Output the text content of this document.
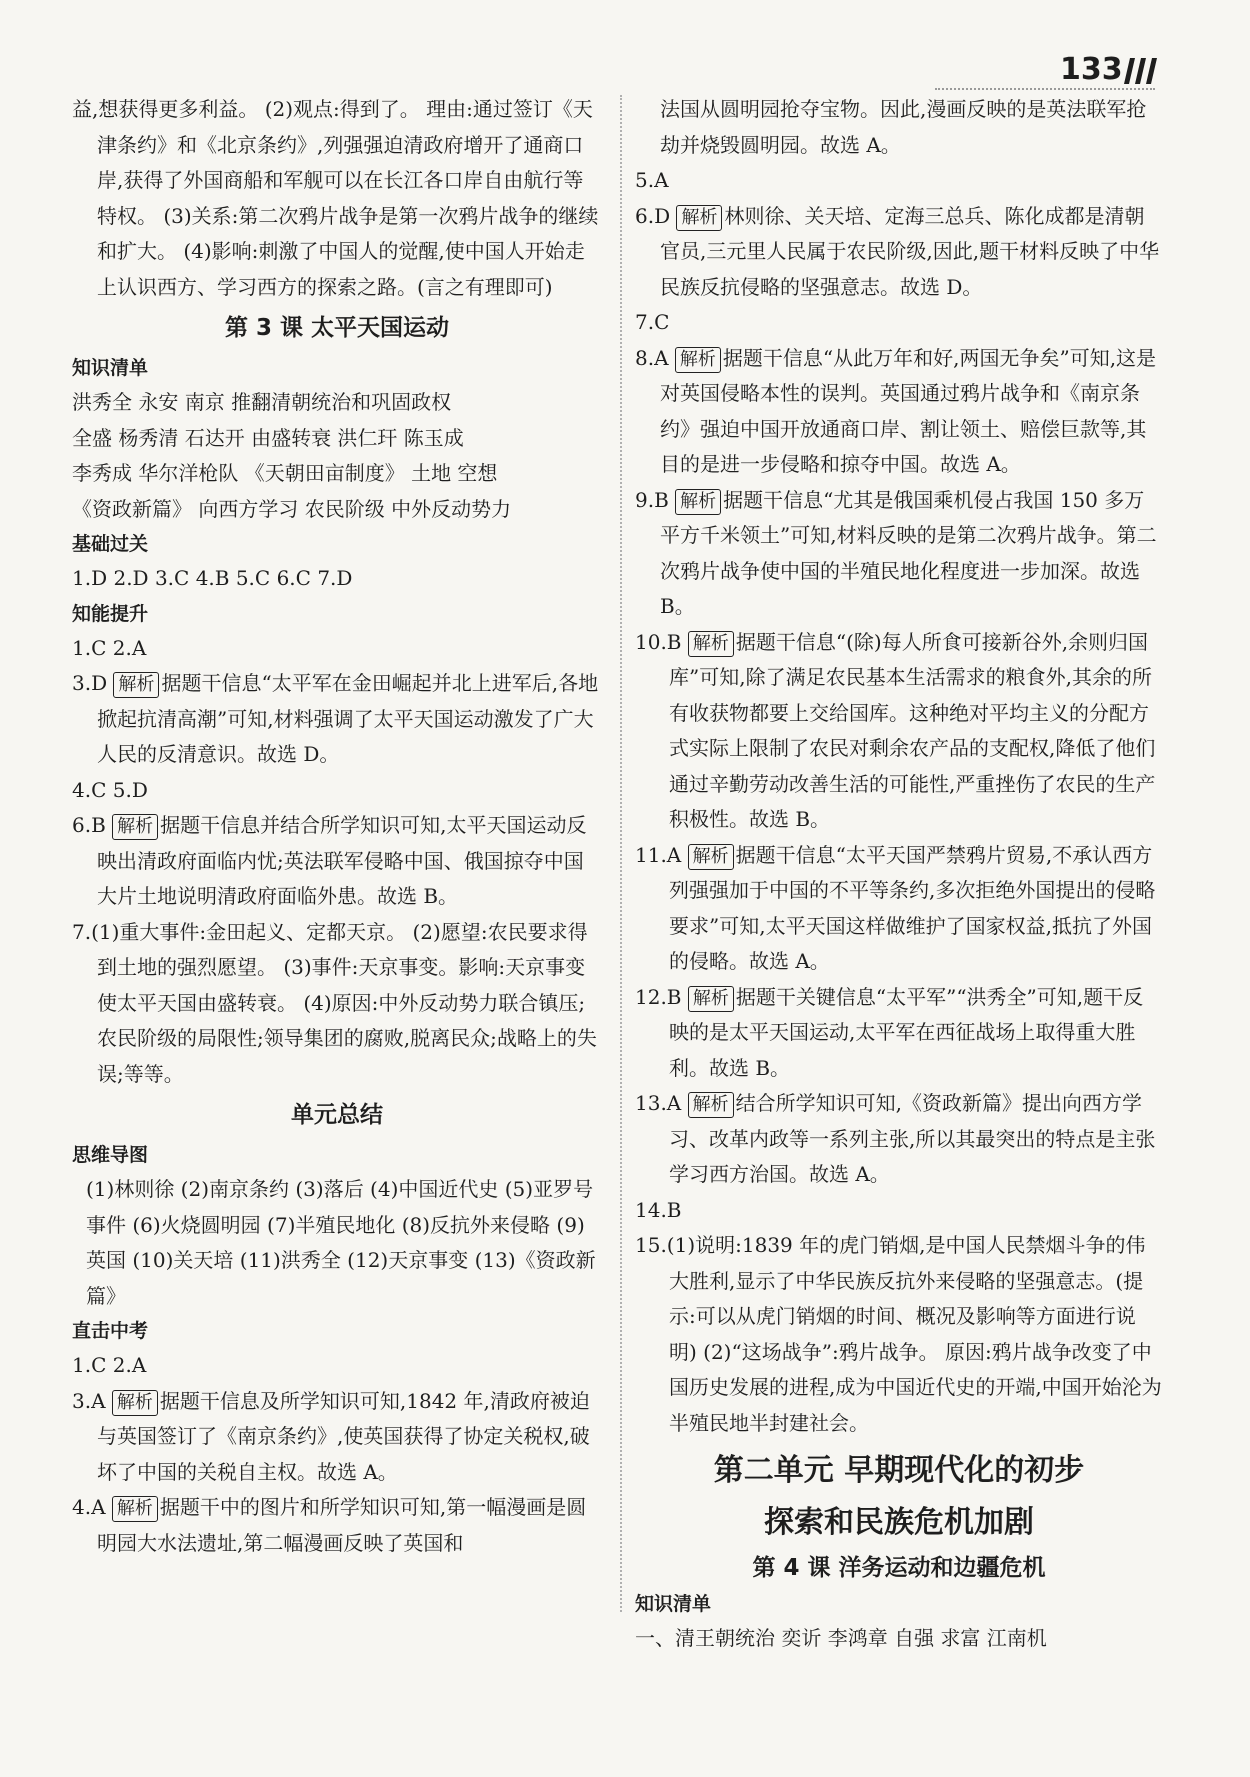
133

益,想获得更多利益。 (2)观点:得到了。 理由:通过签订《天津条约》和《北京条约》,列强强迫清政府增开了通商口岸,获得了外国商船和军舰可以在长江各口岸自由航行等特权。 (3)关系:第二次鸦片战争是第一次鸦片战争的继续和扩大。 (4)影响:刺激了中国人的觉醒,使中国人开始走上认识西方、学习西方的探索之路。(言之有理即可)

第 3 课 太平天国运动
知识清单

洪秀全 永安 南京 推翻清朝统治和巩固政权

全盛 杨秀清 石达开 由盛转衰 洪仁玕 陈玉成

李秀成 华尔洋枪队 《天朝田亩制度》 土地 空想

《资政新篇》 向西方学习 农民阶级 中外反动势力

基础过关

1.D 2.D 3.C 4.B 5.C 6.C 7.D

知能提升

1.C 2.A

3.D 解析 据题干信息“太平军在金田崛起并北上进军后,各地掀起抗清高潮”可知,材料强调了太平天国运动激发了广大人民的反清意识。故选 D。

4.C 5.D

6.B 解析 据题干信息并结合所学知识可知,太平天国运动反映出清政府面临内忧;英法联军侵略中国、俄国掠夺中国大片土地说明清政府面临外患。故选 B。

7.(1)重大事件:金田起义、定都天京。 (2)愿望:农民要求得到土地的强烈愿望。 (3)事件:天京事变。影响:天京事变使太平天国由盛转衰。 (4)原因:中外反动势力联合镇压;农民阶级的局限性;领导集团的腐败,脱离民众;战略上的失误;等等。

单元总结
思维导图

(1)林则徐 (2)南京条约 (3)落后 (4)中国近代史 (5)亚罗号事件 (6)火烧圆明园 (7)半殖民地化 (8)反抗外来侵略 (9)英国 (10)关天培 (11)洪秀全 (12)天京事变 (13)《资政新篇》

直击中考

1.C 2.A

3.A 解析 据题干信息及所学知识可知,1842 年,清政府被迫与英国签订了《南京条约》,使英国获得了协定关税权,破坏了中国的关税自主权。故选 A。

4.A 解析 据题干中的图片和所学知识可知,第一幅漫画是圆明园大水法遗址,第二幅漫画反映了英国和

法国从圆明园抢夺宝物。因此,漫画反映的是英法联军抢劫并烧毁圆明园。故选 A。

5.A

6.D 解析 林则徐、关天培、定海三总兵、陈化成都是清朝官员,三元里人民属于农民阶级,因此,题干材料反映了中华民族反抗侵略的坚强意志。故选 D。

7.C

8.A 解析 据题干信息“从此万年和好,两国无争矣”可知,这是对英国侵略本性的误判。英国通过鸦片战争和《南京条约》强迫中国开放通商口岸、割让领土、赔偿巨款等,其目的是进一步侵略和掠夺中国。故选 A。

9.B 解析 据题干信息“尤其是俄国乘机侵占我国 150 多万平方千米领土”可知,材料反映的是第二次鸦片战争。第二次鸦片战争使中国的半殖民地化程度进一步加深。故选 B。

10.B 解析 据题干信息“(除)每人所食可接新谷外,余则归国库”可知,除了满足农民基本生活需求的粮食外,其余的所有收获物都要上交给国库。这种绝对平均主义的分配方式实际上限制了农民对剩余农产品的支配权,降低了他们通过辛勤劳动改善生活的可能性,严重挫伤了农民的生产积极性。故选 B。

11.A 解析 据题干信息“太平天国严禁鸦片贸易,不承认西方列强强加于中国的不平等条约,多次拒绝外国提出的侵略要求”可知,太平天国这样做维护了国家权益,抵抗了外国的侵略。故选 A。

12.B 解析 据题干关键信息“太平军”“洪秀全”可知,题干反映的是太平天国运动,太平军在西征战场上取得重大胜利。故选 B。

13.A 解析 结合所学知识可知,《资政新篇》提出向西方学习、改革内政等一系列主张,所以其最突出的特点是主张学习西方治国。故选 A。

14.B

15.(1)说明:1839 年的虎门销烟,是中国人民禁烟斗争的伟大胜利,显示了中华民族反抗外来侵略的坚强意志。(提示:可以从虎门销烟的时间、概况及影响等方面进行说明) (2)“这场战争”:鸦片战争。 原因:鸦片战争改变了中国历史发展的进程,成为中国近代史的开端,中国开始沦为半殖民地半封建社会。

第二单元 早期现代化的初步
探索和民族危机加剧
第 4 课 洋务运动和边疆危机
知识清单

一、清王朝统治 奕䜣 李鸿章 自强 求富 江南机
